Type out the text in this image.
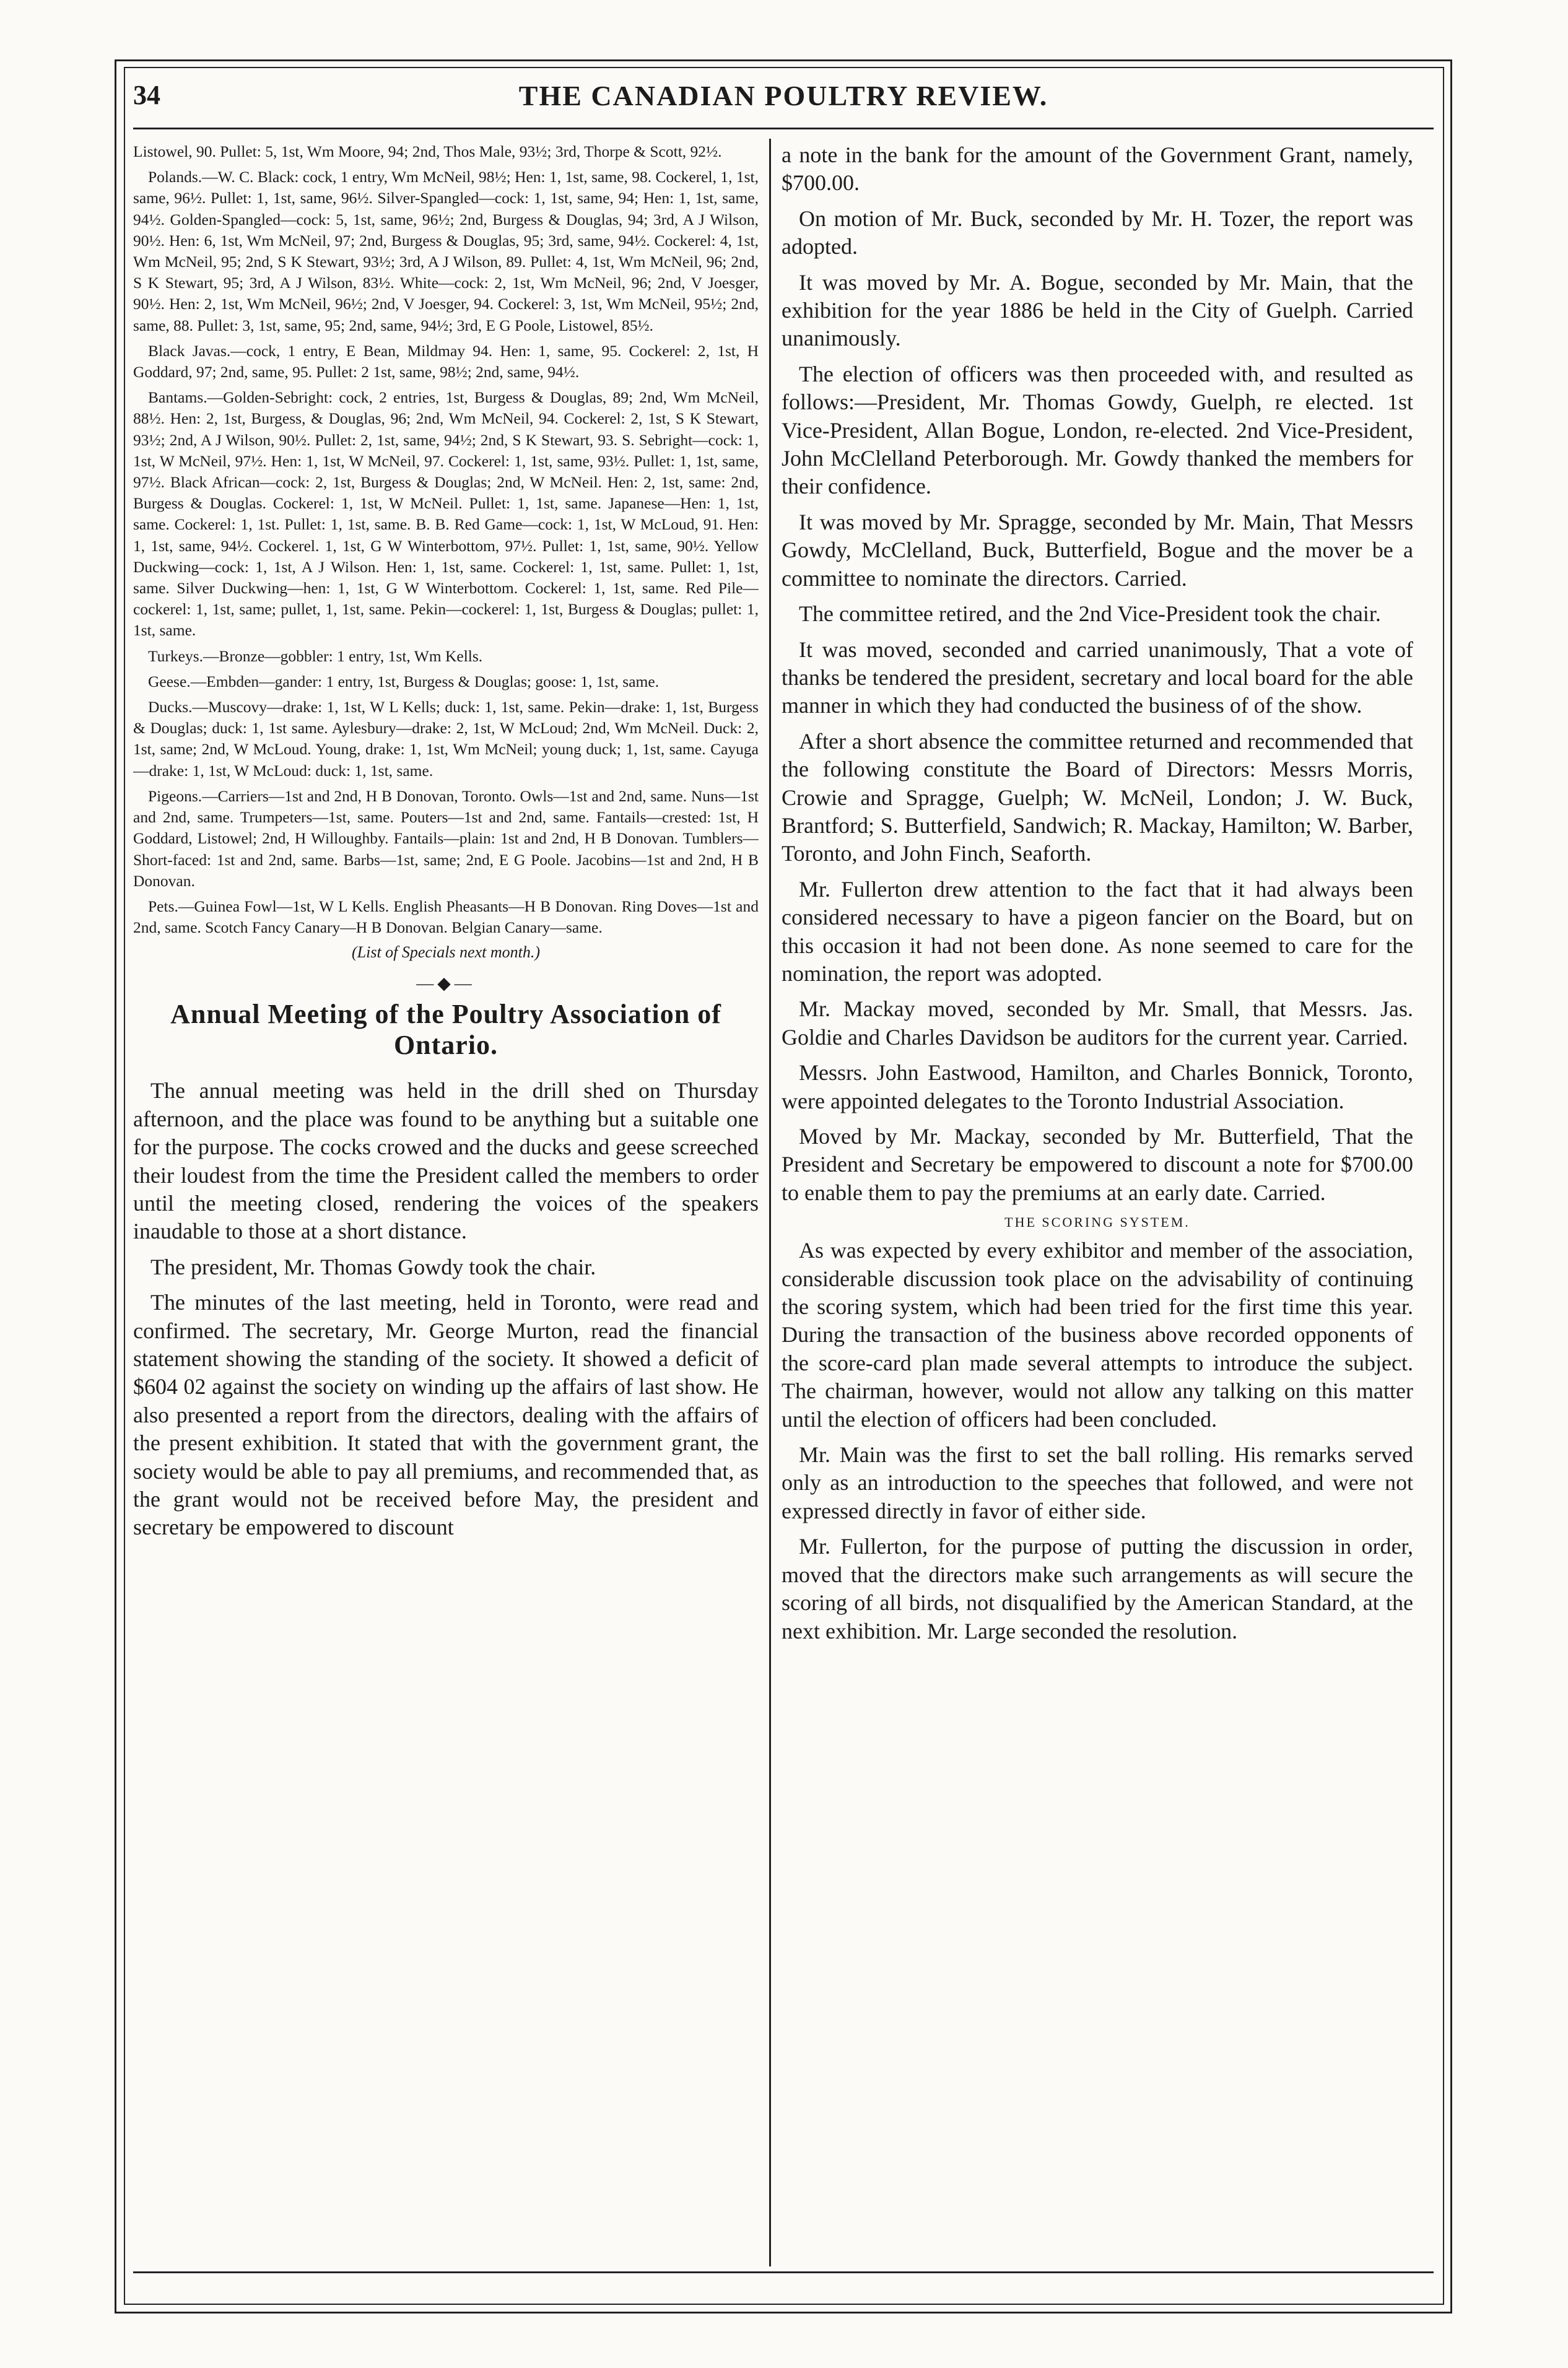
34	THE CANADIAN POULTRY REVIEW.

Listowel, 90. Pullet: 5, 1st, Wm Moore, 94; 2nd, Thos Male, 93½; 3rd, Thorpe & Scott, 92½.

Polands.—W. C. Black: cock, 1 entry, Wm McNeil, 98½; Hen: 1, 1st, same, 98. Cockerel, 1, 1st, same, 96½. Pullet: 1, 1st, same, 96½. Silver-Spangled—cock: 1, 1st, same, 94; Hen: 1, 1st, same, 94½. Golden-Spangled—cock: 5, 1st, same, 96½; 2nd, Burgess & Douglas, 94; 3rd, A J Wilson, 90½. Hen: 6, 1st, Wm McNeil, 97; 2nd, Burgess & Douglas, 95; 3rd, same, 94½. Cockerel: 4, 1st, Wm McNeil, 95; 2nd, S K Stewart, 93½; 3rd, A J Wilson, 89. Pullet: 4, 1st, Wm McNeil, 96; 2nd, S K Stewart, 95; 3rd, A J Wilson, 83½. White—cock: 2, 1st, Wm McNeil, 96; 2nd, V Joesger, 90½. Hen: 2, 1st, Wm McNeil, 96½; 2nd, V Joesger, 94. Cockerel: 3, 1st, Wm McNeil, 95½; 2nd, same, 88. Pullet: 3, 1st, same, 95; 2nd, same, 94½; 3rd, E G Poole, Listowel, 85½.

Black Javas.—cock, 1 entry, E Bean, Mildmay 94. Hen: 1, same, 95. Cockerel: 2, 1st, H Goddard, 97; 2nd, same, 95. Pullet: 2 1st, same, 98½; 2nd, same, 94½.

Bantams.—Golden-Sebright: cock, 2 entries, 1st, Burgess & Douglas, 89; 2nd, Wm McNeil, 88½. Hen: 2, 1st, Burgess, & Douglas, 96; 2nd, Wm McNeil, 94. Cockerel: 2, 1st, S K Stewart, 93½; 2nd, A J Wilson, 90½. Pullet: 2, 1st, same, 94½; 2nd, S K Stewart, 93. S. Sebright—cock: 1, 1st, W McNeil, 97½. Hen: 1, 1st, W McNeil, 97. Cockerel: 1, 1st, same, 93½. Pullet: 1, 1st, same, 97½. Black African—cock: 2, 1st, Burgess & Douglas; 2nd, W McNeil. Hen: 2, 1st, same: 2nd, Burgess & Douglas. Cockerel: 1, 1st, W McNeil. Pullet: 1, 1st, same. Japanese—Hen: 1, 1st, same. Cockerel: 1, 1st. Pullet: 1, 1st, same. B. B. Red Game—cock: 1, 1st, W McLoud, 91. Hen: 1, 1st, same, 94½. Cockerel. 1, 1st, G W Winterbottom, 97½. Pullet: 1, 1st, same, 90½. Yellow Duckwing—cock: 1, 1st, A J Wilson. Hen: 1, 1st, same. Cockerel: 1, 1st, same. Pullet: 1, 1st, same. Silver Duckwing—hen: 1, 1st, G W Winterbottom. Cockerel: 1, 1st, same. Red Pile—cockerel: 1, 1st, same; pullet, 1, 1st, same. Pekin—cockerel: 1, 1st, Burgess & Douglas; pullet: 1, 1st, same.

Turkeys.—Bronze—gobbler: 1 entry, 1st, Wm Kells.

Geese.—Embden—gander: 1 entry, 1st, Burgess & Douglas; goose: 1, 1st, same.

Ducks.—Muscovy—drake: 1, 1st, W L Kells; duck: 1, 1st, same. Pekin—drake: 1, 1st, Burgess & Douglas; duck: 1, 1st same. Aylesbury—drake: 2, 1st, W McLoud; 2nd, Wm McNeil. Duck: 2, 1st, same; 2nd, W McLoud. Young, drake: 1, 1st, Wm McNeil; young duck; 1, 1st, same. Cayuga—drake: 1, 1st, W McLoud: duck: 1, 1st, same.

Pigeons.—Carriers—1st and 2nd, H B Donovan, Toronto. Owls—1st and 2nd, same. Nuns—1st and 2nd, same. Trumpeters—1st, same. Pouters—1st and 2nd, same. Fantails—crested: 1st, H Goddard, Listowel; 2nd, H Willoughby. Fantails—plain: 1st and 2nd, H B Donovan. Tumblers—Short-faced: 1st and 2nd, same. Barbs—1st, same; 2nd, E G Poole. Jacobins—1st and 2nd, H B Donovan.

Pets.—Guinea Fowl—1st, W L Kells. English Pheasants—H B Donovan. Ring Doves—1st and 2nd, same. Scotch Fancy Canary—H B Donovan. Belgian Canary—same.

(List of Specials next month.)
—◆—
Annual Meeting of the Poultry Association of Ontario.

The annual meeting was held in the drill shed on Thursday afternoon, and the place was found to be anything but a suitable one for the purpose. The cocks crowed and the ducks and geese screeched their loudest from the time the President called the members to order until the meeting closed, rendering the voices of the speakers inaudable to those at a short distance.

The president, Mr. Thomas Gowdy took the chair.

The minutes of the last meeting, held in Toronto, were read and confirmed. The secretary, Mr. George Murton, read the financial statement showing the standing of the society. It showed a deficit of $604 02 against the society on winding up the affairs of last show. He also presented a report from the directors, dealing with the affairs of the present exhibition. It stated that with the government grant, the society would be able to pay all premiums, and recommended that, as the grant would not be received before May, the president and secretary be empowered to discount

a note in the bank for the amount of the Government Grant, namely, $700.00.

On motion of Mr. Buck, seconded by Mr. H. Tozer, the report was adopted.

It was moved by Mr. A. Bogue, seconded by Mr. Main, that the exhibition for the year 1886 be held in the City of Guelph. Carried unanimously.

The election of officers was then proceeded with, and resulted as follows:—President, Mr. Thomas Gowdy, Guelph, re elected. 1st Vice-President, Allan Bogue, London, re-elected. 2nd Vice-President, John McClelland Peterborough. Mr. Gowdy thanked the members for their confidence.

It was moved by Mr. Spragge, seconded by Mr. Main, That Messrs Gowdy, McClelland, Buck, Butterfield, Bogue and the mover be a committee to nominate the directors. Carried.

The committee retired, and the 2nd Vice-President took the chair.

It was moved, seconded and carried unanimously, That a vote of thanks be tendered the president, secretary and local board for the able manner in which they had conducted the business of of the show.

After a short absence the committee returned and recommended that the following constitute the Board of Directors: Messrs Morris, Crowie and Spragge, Guelph; W. McNeil, London; J. W. Buck, Brantford; S. Butterfield, Sandwich; R. Mackay, Hamilton; W. Barber, Toronto, and John Finch, Seaforth.

Mr. Fullerton drew attention to the fact that it had always been considered necessary to have a pigeon fancier on the Board, but on this occasion it had not been done. As none seemed to care for the nomination, the report was adopted.

Mr. Mackay moved, seconded by Mr. Small, that Messrs. Jas. Goldie and Charles Davidson be auditors for the current year. Carried.

Messrs. John Eastwood, Hamilton, and Charles Bonnick, Toronto, were appointed delegates to the Toronto Industrial Association.

Moved by Mr. Mackay, seconded by Mr. Butterfield, That the President and Secretary be empowered to discount a note for $700.00 to enable them to pay the premiums at an early date. Carried.

THE SCORING SYSTEM.

As was expected by every exhibitor and member of the association, considerable discussion took place on the advisability of continuing the scoring system, which had been tried for the first time this year. During the transaction of the business above recorded opponents of the score-card plan made several attempts to introduce the subject. The chairman, however, would not allow any talking on this matter until the election of officers had been concluded.

Mr. Main was the first to set the ball rolling. His remarks served only as an introduction to the speeches that followed, and were not expressed directly in favor of either side.

Mr. Fullerton, for the purpose of putting the discussion in order, moved that the directors make such arrangements as will secure the scoring of all birds, not disqualified by the American Standard, at the next exhibition. Mr. Large seconded the resolution.
